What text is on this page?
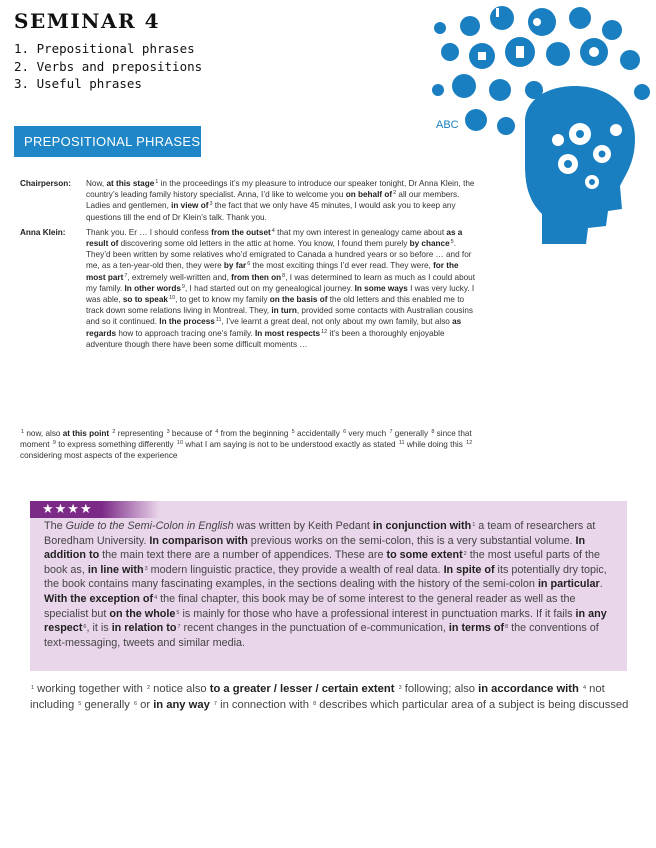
SEMINAR 4
1. Prepositional phrases
2. Verbs and prepositions
3. Useful phrases
ABC
ABC
PREPOSITIONAL PHRASES
Chairperson:	Now, at this stage$^1$ in the proceedings it’s my pleasure to introduce our speaker tonight, Dr Anna Klein, the country’s leading family history specialist. Anna, I’d like to welcome you on behalf $of^2$ all our members. Ladies and gentlemen, in view $of^3$ the fact that we only have 45 minutes, I would ask you to keep any questions till the end of Dr Klein’s talk. Thank you.
Anna Klein:	Thank you. Er … I should confess from the outset$^4$ that my own interest in genealogy came about as a result of discovering some old letters in the attic at home. You know, I found them purely by chance$^5$. They’d been written by some relatives who’d emigrated to Canada a hundred years or so before … and for me, as a ten-year-old then, they were by far$^6$ the most exciting things I’d ever read. They were, for the most part$^7$, extremely well-written and, from then $on^8$, I was determined to learn as much as I could about my family. In other words$^9$, I had started out on my genealogical journey. In some ways I was very lucky. I was able, so to speak$^{10}$, to get to know my family on the basis of the old letters and this enabled me to track down some relations living in Montreal. They, in turn, provided some contacts with Australian cousins and so it continued. In the process$^{11}$, I’ve learnt a great deal, not only about my own family, but also as regards how to approach tracing one’s family. In most respects$^{12}$ it’s been a thoroughly enjoyable adventure though there have been some difficult moments …
$^1$ now, also at this point $^2$ representing $^3$ because of $^4$ from the beginning $^5$ accidentally $^6$ very much $^7$ generally $^8$ since that moment $^9$ to express something differently $^{10}$ what I am saying is not to be understood exactly as stated $^{11}$ while doing this $^{12}$ considering most aspects of the experience
★★★★
The Guide to the Semi-Colon in English was written by Keith Pedant in conjunction with$^1$ a team of researchers at Boredham University. In comparison with previous works on the semi-colon, this is a very substantial volume. In addition to the main text there are a number of appendices. These are to some extent$^2$ the most useful parts of the book as, in line with$^3$ modern linguistic practice, they provide a wealth of real data. In spite of its potentially dry topic, the book contains many fascinating examples, in the sections dealing with the history of the semi-colon in particular. With the exception $of^4$ the final chapter, this book may be of some interest to the general reader as well as the specialist but on the whole$^5$ is mainly for those who have a professional interest in punctuation marks. If it fails in any respect$^6$, it is in relation $to^7$ recent changes in the punctuation of e-communication, in terms $of^8$ the conventions of text-messaging, tweets and similar media.
$^1$ working together with $^2$ notice also to a greater / lesser / certain extent $^3$ following; also in accordance with $^4$ not including $^5$ generally $^6$ or in any way $^7$ in connection with $^8$ describes which particular area of a subject is being discussed
